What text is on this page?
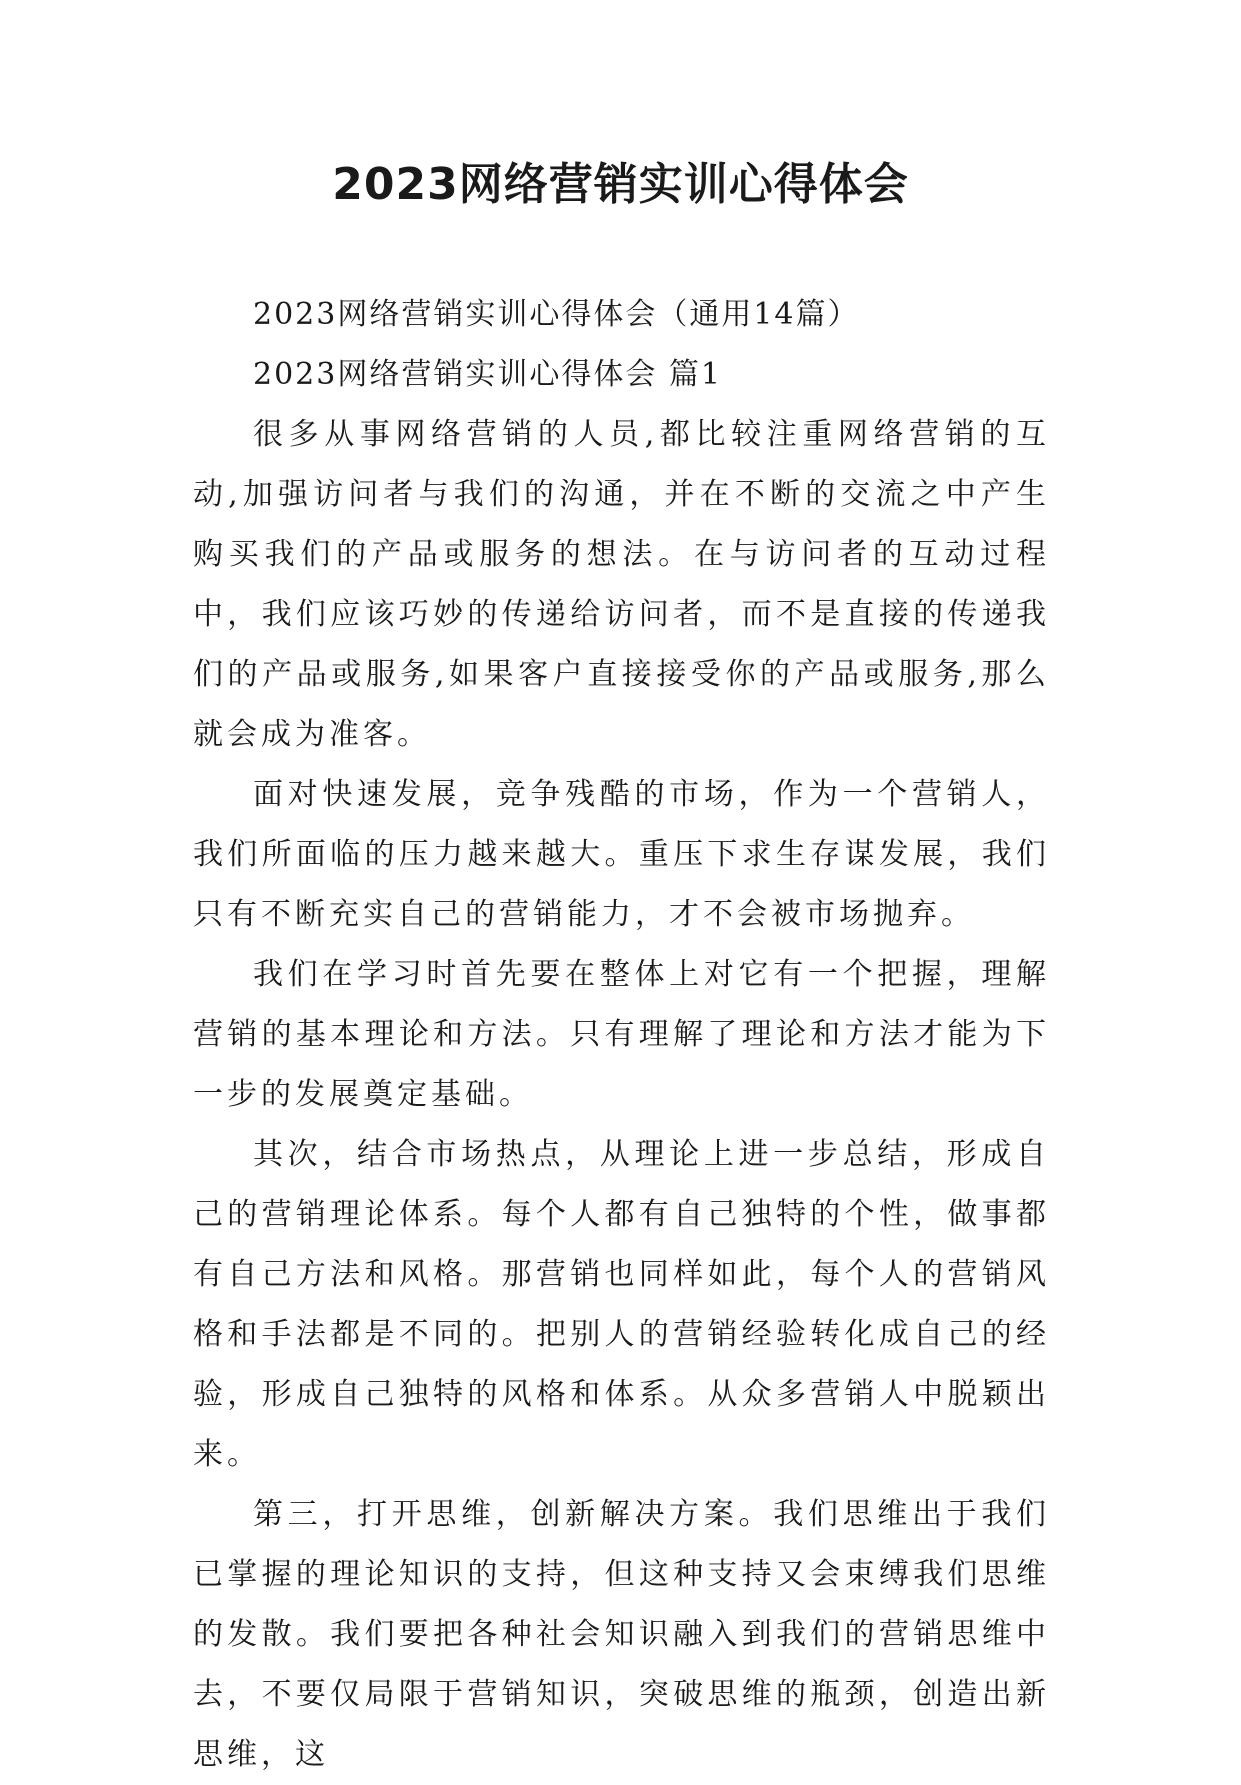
2023网络营销实训心得体会

2023网络营销实训心得体会（通用14篇）

2023网络营销实训心得体会 篇1

很多从事网络营销的人员,都比较注重网络营销的互动,加强访问者与我们的沟通，并在不断的交流之中产生购买我们的产品或服务的想法。在与访问者的互动过程中，我们应该巧妙的传递给访问者，而不是直接的传递我们的产品或服务,如果客户直接接受你的产品或服务,那么就会成为准客。

面对快速发展，竞争残酷的市场，作为一个营销人，我们所面临的压力越来越大。重压下求生存谋发展，我们只有不断充实自己的营销能力，才不会被市场抛弃。

我们在学习时首先要在整体上对它有一个把握，理解营销的基本理论和方法。只有理解了理论和方法才能为下一步的发展奠定基础。

其次，结合市场热点，从理论上进一步总结，形成自己的营销理论体系。每个人都有自己独特的个性，做事都有自己方法和风格。那营销也同样如此，每个人的营销风格和手法都是不同的。把别人的营销经验转化成自己的经验，形成自己独特的风格和体系。从众多营销人中脱颖出来。

第三，打开思维，创新解决方案。我们思维出于我们已掌握的理论知识的支持，但这种支持又会束缚我们思维的发散。我们要把各种社会知识融入到我们的营销思维中去，不要仅局限于营销知识，突破思维的瓶颈，创造出新思维，这
